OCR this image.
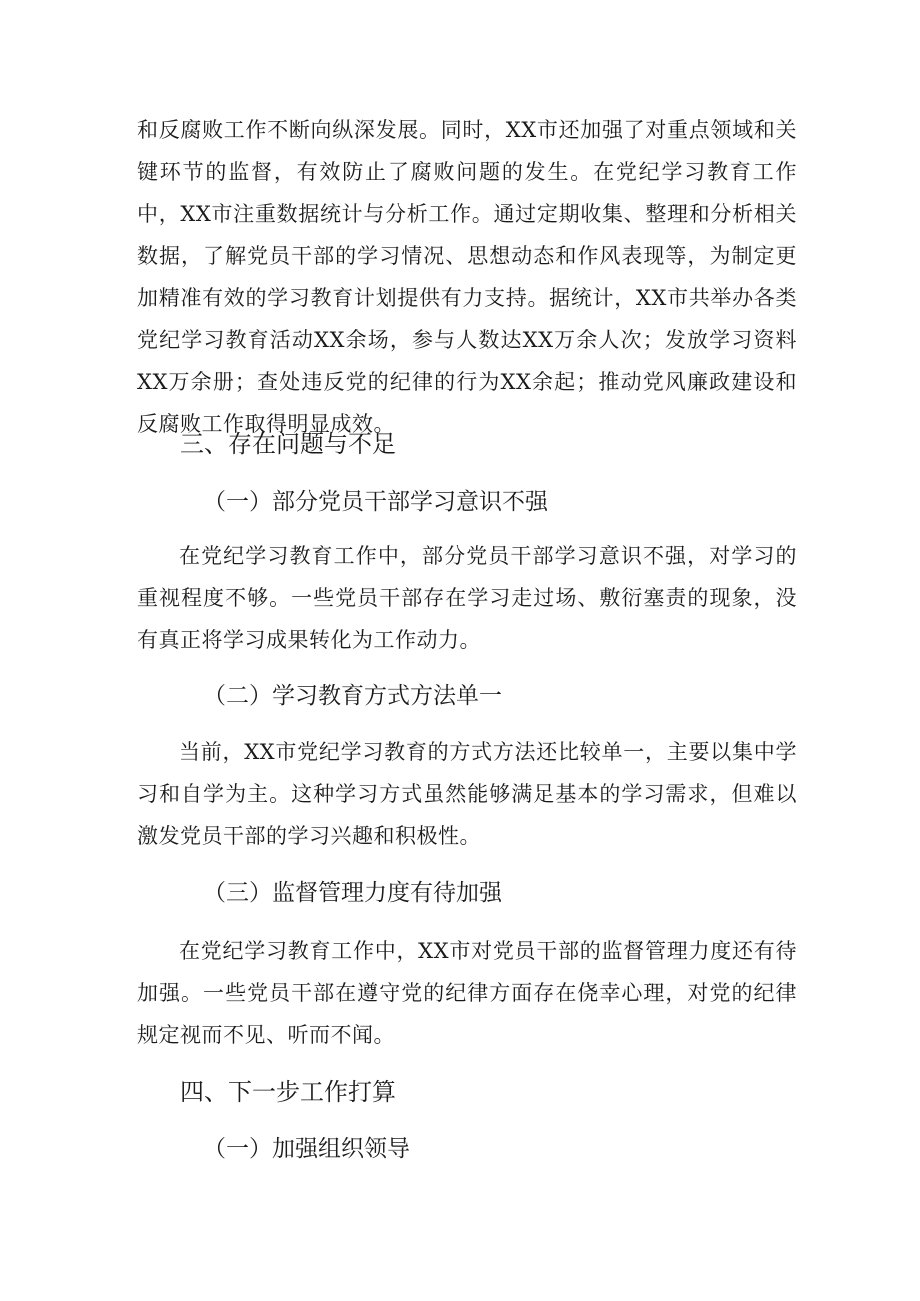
和反腐败工作不断向纵深发展。同时，XX市还加强了对重点领域和关键环节的监督，有效防止了腐败问题的发生。在党纪学习教育工作中，XX市注重数据统计与分析工作。通过定期收集、整理和分析相关数据，了解党员干部的学习情况、思想动态和作风表现等，为制定更加精准有效的学习教育计划提供有力支持。据统计，XX市共举办各类党纪学习教育活动XX余场，参与人数达XX万余人次；发放学习资料XX万余册；查处违反党的纪律的行为XX余起；推动党风廉政建设和反腐败工作取得明显成效。

三、存在问题与不足
（一）部分党员干部学习意识不强

在党纪学习教育工作中，部分党员干部学习意识不强，对学习的重视程度不够。一些党员干部存在学习走过场、敷衍塞责的现象，没有真正将学习成果转化为工作动力。

（二）学习教育方式方法单一

当前，XX市党纪学习教育的方式方法还比较单一，主要以集中学习和自学为主。这种学习方式虽然能够满足基本的学习需求，但难以激发党员干部的学习兴趣和积极性。

（三）监督管理力度有待加强

在党纪学习教育工作中，XX市对党员干部的监督管理力度还有待加强。一些党员干部在遵守党的纪律方面存在侥幸心理，对党的纪律规定视而不见、听而不闻。

四、下一步工作打算
（一）加强组织领导
